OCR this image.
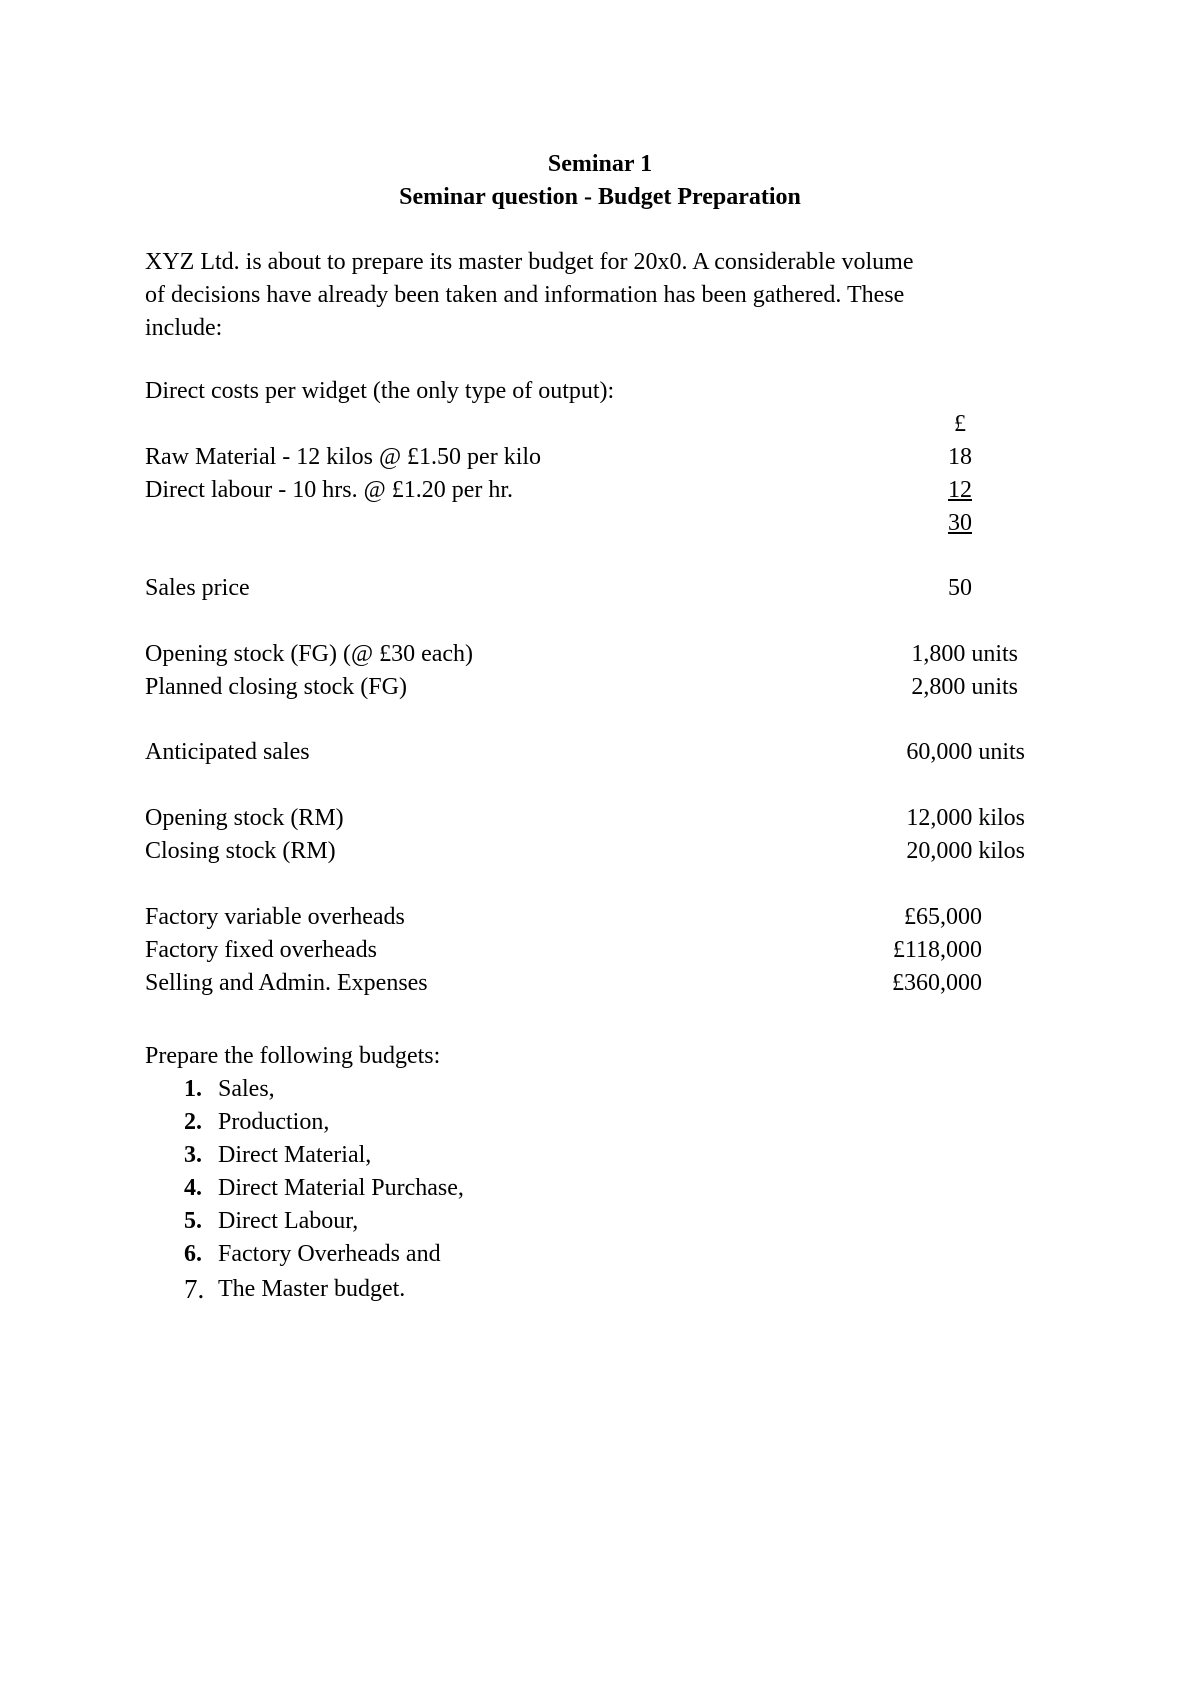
Seminar 1
Seminar question - Budget Preparation
XYZ Ltd. is about to prepare its master budget for 20x0. A considerable volume
of decisions have already been taken and information has been gathered. These
include:
Direct costs per widget (the only type of output):
£
Raw Material - 12 kilos @ £1.50 per kilo	18
Direct labour - 10 hrs. @ £1.20 per hr.	12
30
Sales price	50
Opening stock (FG) (@ £30 each)	1,800 units
Planned closing stock (FG)	2,800 units
Anticipated sales	60,000 units
Opening stock (RM)	12,000 kilos
Closing stock (RM)	20,000 kilos
Factory variable overheads	£65,000
Factory fixed overheads	£118,000
Selling and Admin. Expenses	£360,000
Prepare the following budgets:
1. Sales,
2. Production,
3. Direct Material,
4. Direct Material Purchase,
5. Direct Labour,
6. Factory Overheads and
7. The Master budget.
